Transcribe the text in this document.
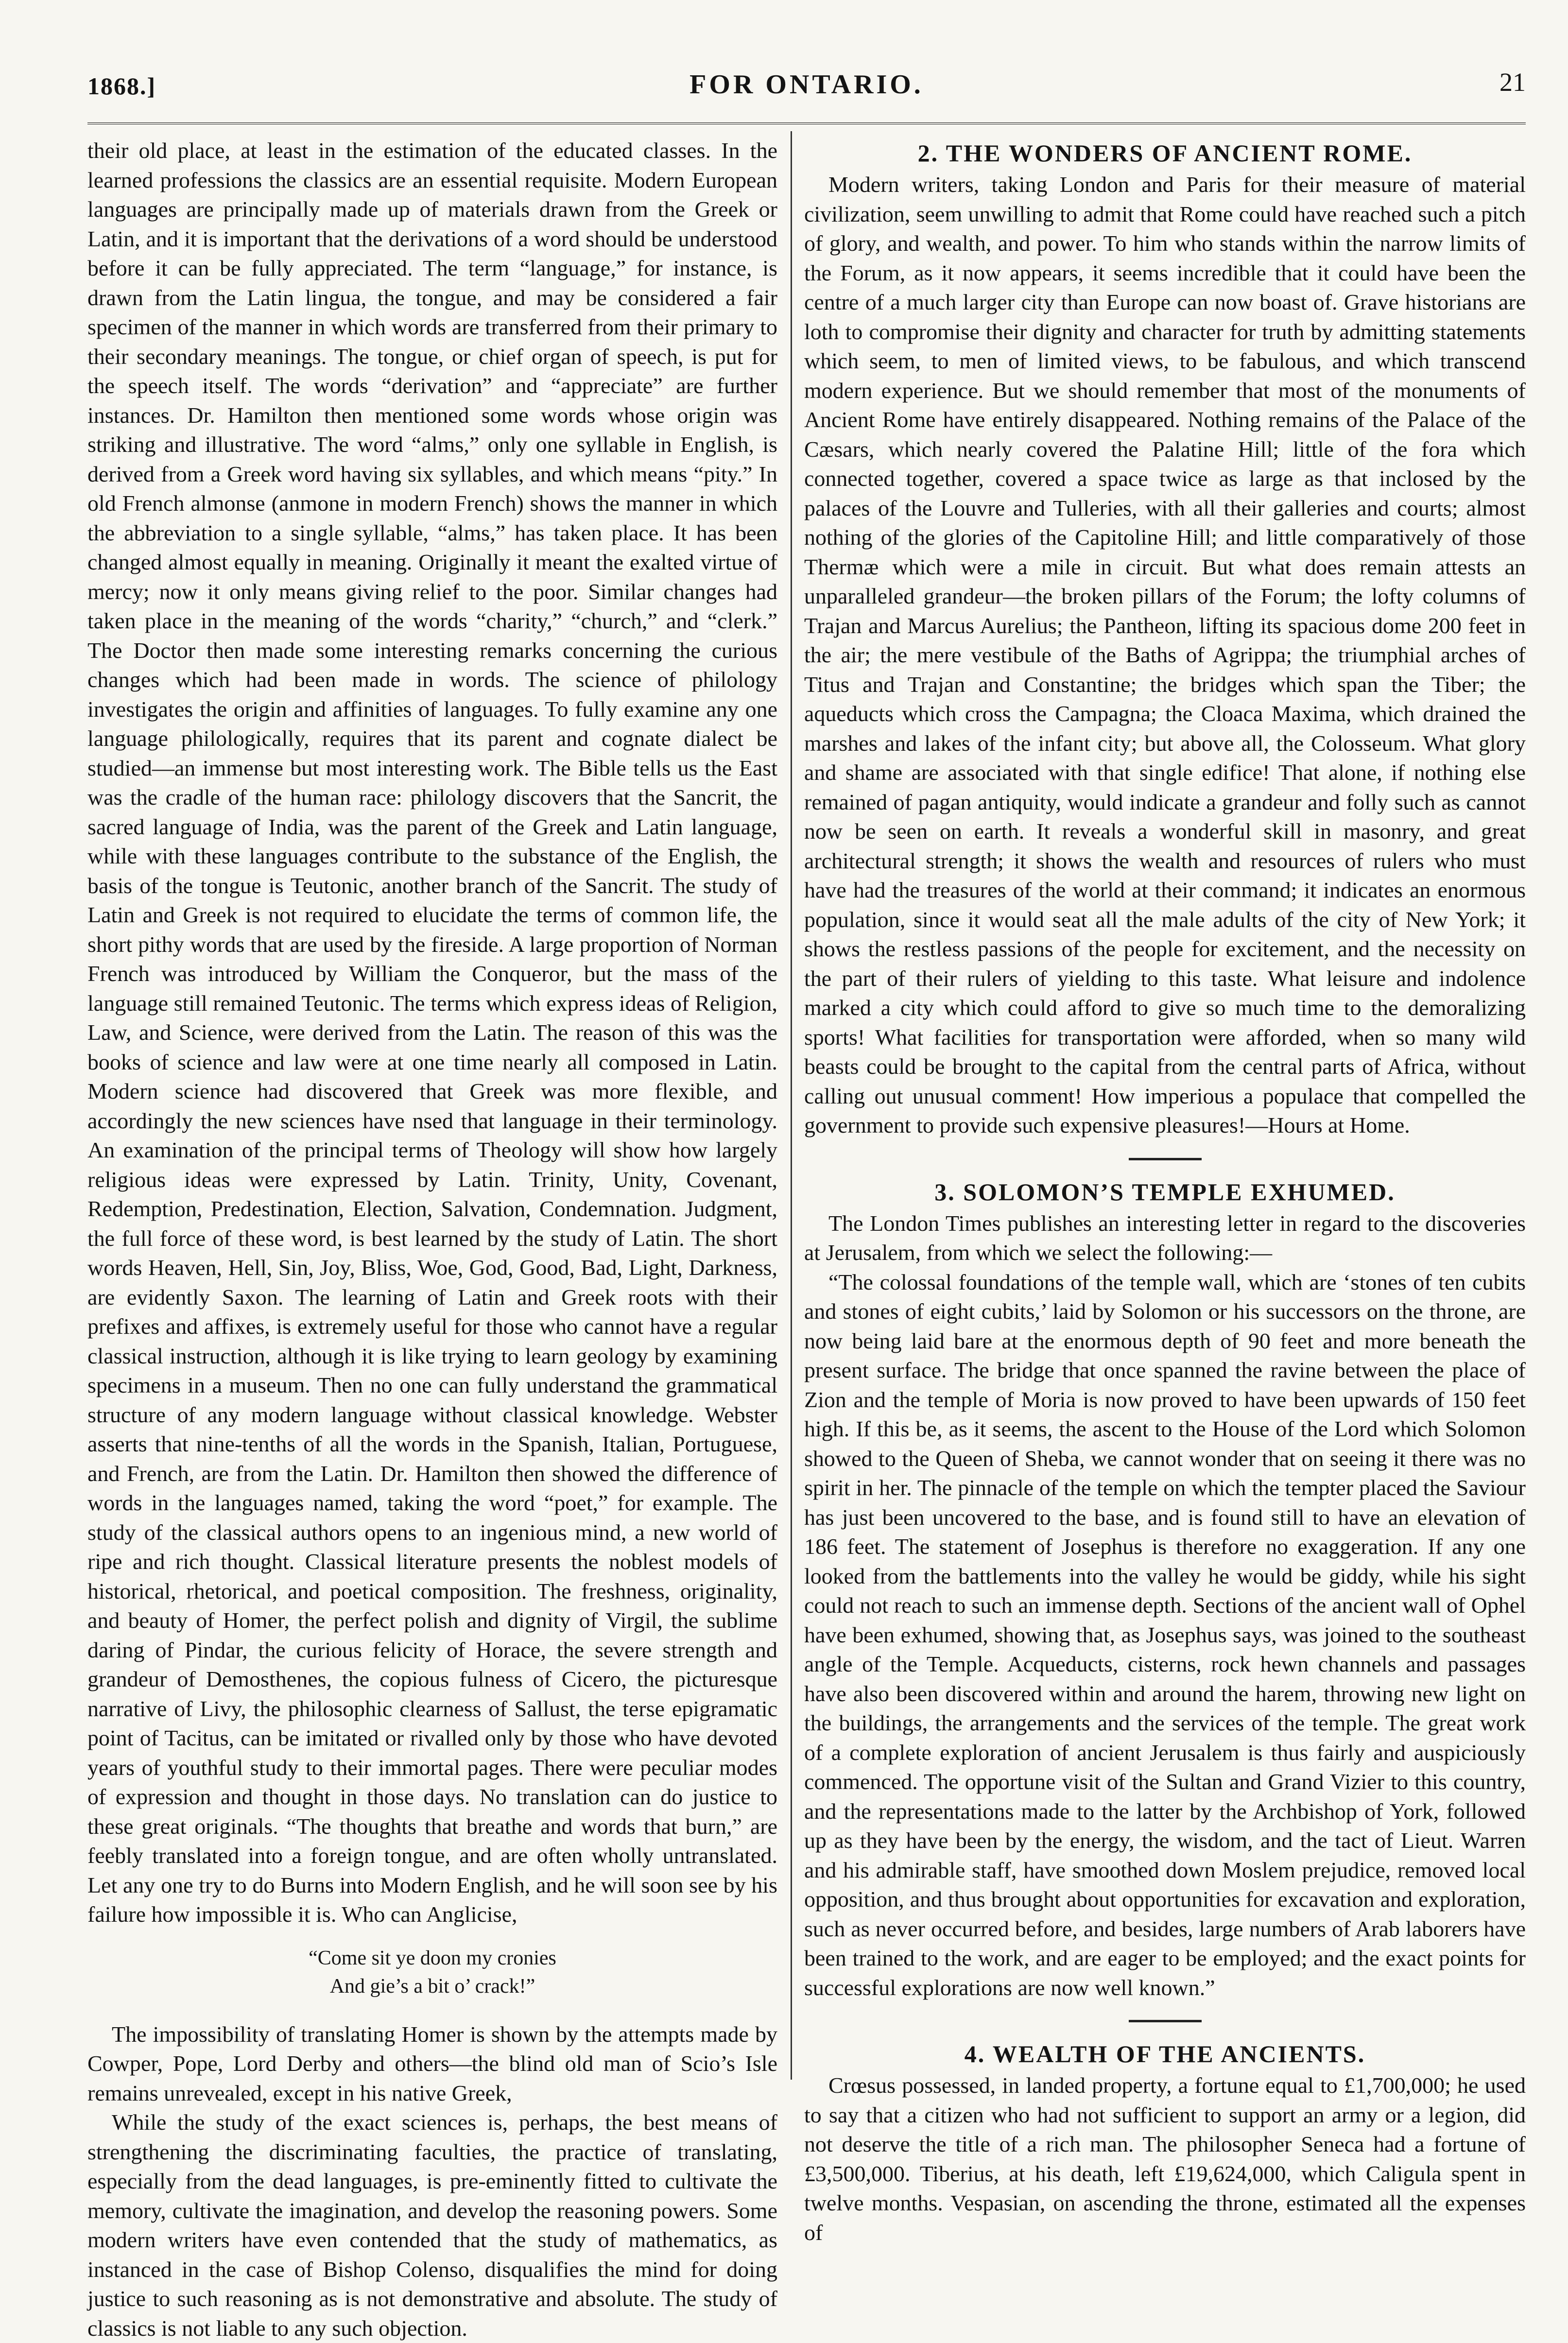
1868.]	FOR ONTARIO.	21

their old place, at least in the estimation of the educated classes. In the learned professions the classics are an essential requisite. Modern European languages are principally made up of materials drawn from the Greek or Latin, and it is important that the derivations of a word should be understood before it can be fully appreciated. The term “language,” for instance, is drawn from the Latin lingua, the tongue, and may be considered a fair specimen of the manner in which words are transferred from their primary to their secondary meanings. The tongue, or chief organ of speech, is put for the speech itself. The words “derivation” and “appreciate” are further instances. Dr. Hamilton then mentioned some words whose origin was striking and illustrative. The word “alms,” only one syllable in English, is derived from a Greek word having six syllables, and which means “pity.” In old French almonse (anmone in modern French) shows the manner in which the abbreviation to a single syllable, “alms,” has taken place. It has been changed almost equally in meaning. Originally it meant the exalted virtue of mercy; now it only means giving relief to the poor. Similar changes had taken place in the meaning of the words “charity,” “church,” and “clerk.” The Doctor then made some interesting remarks concerning the curious changes which had been made in words. The science of philology investigates the origin and affinities of languages. To fully examine any one language philologically, requires that its parent and cognate dialect be studied—an immense but most interesting work. The Bible tells us the East was the cradle of the human race: philology discovers that the Sancrit, the sacred language of India, was the parent of the Greek and Latin language, while with these languages contribute to the substance of the English, the basis of the tongue is Teutonic, another branch of the Sancrit. The study of Latin and Greek is not required to elucidate the terms of common life, the short pithy words that are used by the fireside. A large proportion of Norman French was introduced by William the Conqueror, but the mass of the language still remained Teutonic. The terms which express ideas of Religion, Law, and Science, were derived from the Latin. The reason of this was the books of science and law were at one time nearly all composed in Latin. Modern science had discovered that Greek was more flexible, and accordingly the new sciences have nsed that language in their terminology. An examination of the principal terms of Theology will show how largely religious ideas were expressed by Latin. Trinity, Unity, Covenant, Redemption, Predestination, Election, Salvation, Condemnation. Judgment, the full force of these word, is best learned by the study of Latin. The short words Heaven, Hell, Sin, Joy, Bliss, Woe, God, Good, Bad, Light, Darkness, are evidently Saxon. The learning of Latin and Greek roots with their prefixes and affixes, is extremely useful for those who cannot have a regular classical instruction, although it is like trying to learn geology by examining specimens in a museum. Then no one can fully understand the grammatical structure of any modern language without classical knowledge. Webster asserts that nine-tenths of all the words in the Spanish, Italian, Portuguese, and French, are from the Latin. Dr. Hamilton then showed the difference of words in the languages named, taking the word “poet,” for example. The study of the classical authors opens to an ingenious mind, a new world of ripe and rich thought. Classical literature presents the noblest models of historical, rhetorical, and poetical composition. The freshness, originality, and beauty of Homer, the perfect polish and dignity of Virgil, the sublime daring of Pindar, the curious felicity of Horace, the severe strength and grandeur of Demosthenes, the copious fulness of Cicero, the picturesque narrative of Livy, the philosophic clearness of Sallust, the terse epigramatic point of Tacitus, can be imitated or rivalled only by those who have devoted years of youthful study to their immortal pages. There were peculiar modes of expression and thought in those days. No translation can do justice to these great originals. “The thoughts that breathe and words that burn,” are feebly translated into a foreign tongue, and are often wholly untranslated. Let any one try to do Burns into Modern English, and he will soon see by his failure how impossible it is. Who can Anglicise,

“Come sit ye doon my cronies
And gie’s a bit o’ crack!”

The impossibility of translating Homer is shown by the attempts made by Cowper, Pope, Lord Derby and others—the blind old man of Scio’s Isle remains unrevealed, except in his native Greek,

While the study of the exact sciences is, perhaps, the best means of strengthening the discriminating faculties, the practice of translating, especially from the dead languages, is pre-eminently fitted to cultivate the memory, cultivate the imagination, and develop the reasoning powers. Some modern writers have even contended that the study of mathematics, as instanced in the case of Bishop Colenso, disqualifies the mind for doing justice to such reasoning as is not demonstrative and absolute. The study of classics is not liable to any such objection.

2. THE WONDERS OF ANCIENT ROME.

Modern writers, taking London and Paris for their measure of material civilization, seem unwilling to admit that Rome could have reached such a pitch of glory, and wealth, and power. To him who stands within the narrow limits of the Forum, as it now appears, it seems incredible that it could have been the centre of a much larger city than Europe can now boast of. Grave historians are loth to compromise their dignity and character for truth by admitting statements which seem, to men of limited views, to be fabulous, and which transcend modern experience. But we should remember that most of the monuments of Ancient Rome have entirely disappeared. Nothing remains of the Palace of the Cæsars, which nearly covered the Palatine Hill; little of the fora which connected together, covered a space twice as large as that inclosed by the palaces of the Louvre and Tulleries, with all their galleries and courts; almost nothing of the glories of the Capitoline Hill; and little comparatively of those Thermæ which were a mile in circuit. But what does remain attests an unparalleled grandeur—the broken pillars of the Forum; the lofty columns of Trajan and Marcus Aurelius; the Pantheon, lifting its spacious dome 200 feet in the air; the mere vestibule of the Baths of Agrippa; the triumphial arches of Titus and Trajan and Constantine; the bridges which span the Tiber; the aqueducts which cross the Campagna; the Cloaca Maxima, which drained the marshes and lakes of the infant city; but above all, the Colosseum. What glory and shame are associated with that single edifice! That alone, if nothing else remained of pagan antiquity, would indicate a grandeur and folly such as cannot now be seen on earth. It reveals a wonderful skill in masonry, and great architectural strength; it shows the wealth and resources of rulers who must have had the treasures of the world at their command; it indicates an enormous population, since it would seat all the male adults of the city of New York; it shows the restless passions of the people for excitement, and the necessity on the part of their rulers of yielding to this taste. What leisure and indolence marked a city which could afford to give so much time to the demoralizing sports! What facilities for transportation were afforded, when so many wild beasts could be brought to the capital from the central parts of Africa, without calling out unusual comment! How imperious a populace that compelled the government to provide such expensive pleasures!—Hours at Home.

3. SOLOMON’S TEMPLE EXHUMED.

The London Times publishes an interesting letter in regard to the discoveries at Jerusalem, from which we select the following:—

“The colossal foundations of the temple wall, which are ‘stones of ten cubits and stones of eight cubits,’ laid by Solomon or his successors on the throne, are now being laid bare at the enormous depth of 90 feet and more beneath the present surface. The bridge that once spanned the ravine between the place of Zion and the temple of Moria is now proved to have been upwards of 150 feet high. If this be, as it seems, the ascent to the House of the Lord which Solomon showed to the Queen of Sheba, we cannot wonder that on seeing it there was no spirit in her. The pinnacle of the temple on which the tempter placed the Saviour has just been uncovered to the base, and is found still to have an elevation of 186 feet. The statement of Josephus is therefore no exaggeration. If any one looked from the battlements into the valley he would be giddy, while his sight could not reach to such an immense depth. Sections of the ancient wall of Ophel have been exhumed, showing that, as Josephus says, was joined to the southeast angle of the Temple. Acqueducts, cisterns, rock hewn channels and passages have also been discovered within and around the harem, throwing new light on the buildings, the arrangements and the services of the temple. The great work of a complete exploration of ancient Jerusalem is thus fairly and auspiciously commenced. The opportune visit of the Sultan and Grand Vizier to this country, and the representations made to the latter by the Archbishop of York, followed up as they have been by the energy, the wisdom, and the tact of Lieut. Warren and his admirable staff, have smoothed down Moslem prejudice, removed local opposition, and thus brought about opportunities for excavation and exploration, such as never occurred before, and besides, large numbers of Arab laborers have been trained to the work, and are eager to be employed; and the exact points for successful explorations are now well known.”

4. WEALTH OF THE ANCIENTS.

Crœsus possessed, in landed property, a fortune equal to £1,700,000; he used to say that a citizen who had not sufficient to support an army or a legion, did not deserve the title of a rich man. The philosopher Seneca had a fortune of £3,500,000. Tiberius, at his death, left £19,624,000, which Caligula spent in twelve months. Vespasian, on ascending the throne, estimated all the expenses of
